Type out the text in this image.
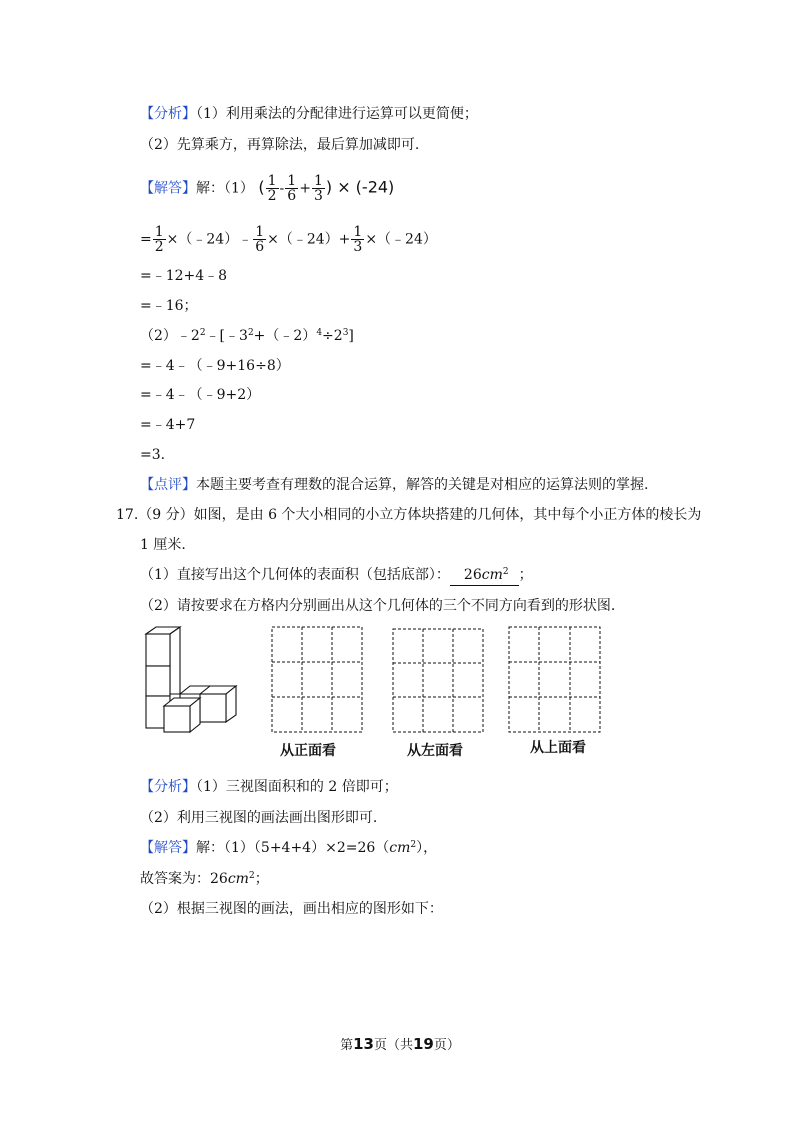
【分析】（1）利用乘法的分配律进行运算可以更简便；
（2）先算乘方，再算除法，最后算加减即可.
【解答】解：（1） ( $\frac{1}{2} - \frac{1}{6} + \frac{1}{3}$ ) × (-24)
= $\frac{1}{2}$ ×（﹣24）﹣ $\frac{1}{6}$ ×（﹣24）+ $\frac{1}{3}$ ×（﹣24）
=﹣12+4﹣8
=﹣16；
$(2)﹣2^2﹣[﹣3^2+(﹣2)^4\div 2^3]$
=﹣4﹣（﹣9+16÷8）
=﹣4﹣（﹣9+2）
=﹣4+7
=3.
【点评】本题主要考查有理数的混合运算，解答的关键是对相应的运算法则的掌握.
17.（9 分）如图，是由 6 个大小相同的小立方体块搭建的几何体，其中每个小正方体的棱长为
1 厘米.
（1）直接写出这个几何体的表面积（包括底部）： $26cm^2$ ；
（2）请按要求在方格内分别画出从这个几何体的三个不同方向看到的形状图.
从正面看	从左面看	从上面看
【分析】（1）三视图面积和的 2 倍即可；
（2）利用三视图的画法画出图形即可.
【解答】解：$(1)(5+4+4)\times 2=26(cm^2)$，
故答案为：$26cm^2$；
（2）根据三视图的画法，画出相应的图形如下：
第13页（共19页）
